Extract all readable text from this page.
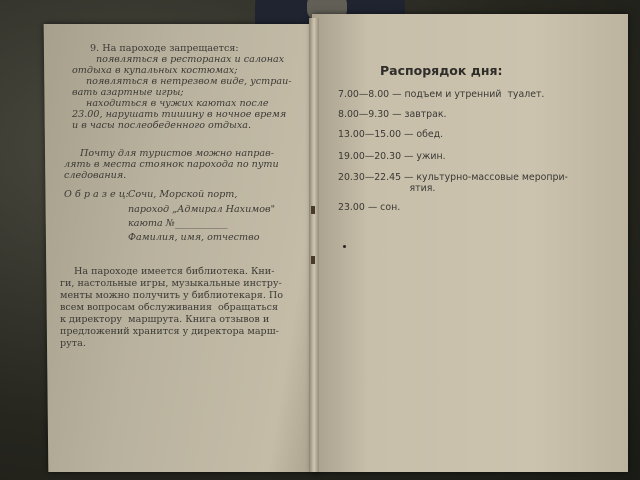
9. На пароходе запрещается:
появляться в ресторанах и салонах
отдыха в купальных костюмах;
появляться в нетрезвом виде, устраи-
вать азартные игры;
находиться в чужих каютах после
23.00, нарушать тишину в ночное время
и в часы послеобеденного отдыха.
Почту для туристов можно направ-
лять в места стоянок парохода по пути
следования.
О б р а з е ц: Сочи, Морской порт,
пароход „Адмирал Нахимов"
каюта №___________
Фамилия, имя, отчество
На пароходе имеется библиотека. Кни-
ги, настольные игры, музыкальные инстру-
менты можно получить у библиотекаря. По
всем вопросам обслуживания  обращаться
к директору  маршрута. Книга отзывов и
предложений хранится у директора марш-
рута.
Распорядок дня:
7.00—8.00 — подъем и утренний  туалет.
8.00—9.30 — завтрак.
13.00—15.00 — обед.
19.00—20.30 — ужин.
20.30—22.45 — культурно-массовые меропри-
ятия.
23.00 — сон.
